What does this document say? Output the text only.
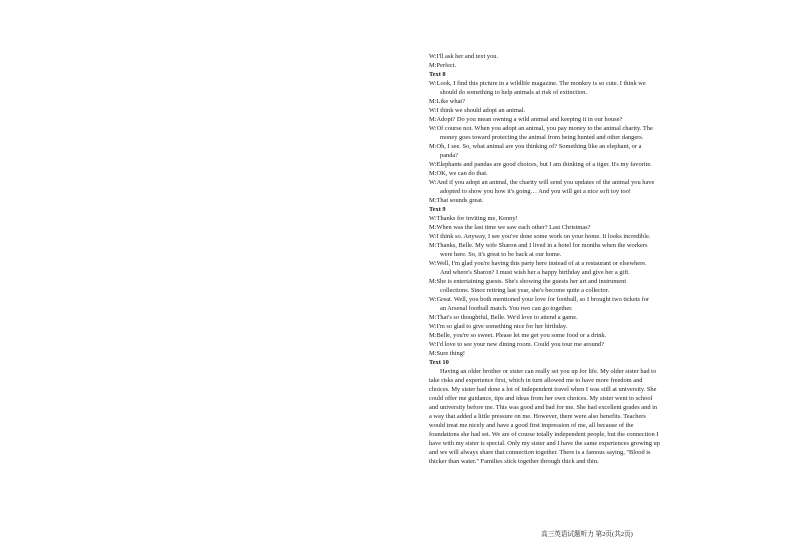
W:I'll ask her and text you.
M:Perfect.
Text 8
W:Look, I find this picture in a wildlife magazine. The monkey is so cute. I think we
should do something to help animals at risk of extinction.
M:Like what?
W:I think we should adopt an animal.
M:Adopt? Do you mean owning a wild animal and keeping it in our house?
W:Of course not. When you adopt an animal, you pay money to the animal charity. The
money goes toward protecting the animal from being hunted and other dangers.
M:Oh, I see. So, what animal are you thinking of? Something like an elephant, or a
panda?
W:Elephants and pandas are good choices, but I am thinking of a tiger. It's my favorite.
M:OK, we can do that.
W:And if you adopt an animal, the charity will send you updates of the animal you have
adopted to show you how it's going… And you will get a nice soft toy too!
M:That sounds great.
Text 9
W:Thanks for inviting me, Kenny!
M:When was the last time we saw each other? Last Christmas?
W:I think so. Anyway, I see you've done some work on your home. It looks incredible.
M:Thanks, Belle. My wife Sharon and I lived in a hotel for months when the workers
were here. So, it's great to be back at our home.
W:Well, I'm glad you're having this party here instead of at a restaurant or elsewhere.
And where's Sharon? I must wish her a happy birthday and give her a gift.
M:She is entertaining guests. She's showing the guests her art and instrument
collections. Since retiring last year, she's become quite a collector.
W:Great. Well, you both mentioned your love for football, so I brought two tickets for
an Arsenal football match. You two can go together.
M:That's so thoughtful, Belle. We'd love to attend a game.
W:I'm so glad to give something nice for her birthday.
M:Belle, you're so sweet. Please let me get you some food or a drink.
W:I'd love to see your new dining room. Could you tour me around?
M:Sure thing!
Text 10
Having an older brother or sister can really set you up for life. My older sister had to
take risks and experience first, which in turn allowed me to have more freedom and
choices. My sister had done a lot of independent travel when I was still at university. She
could offer me guidance, tips and ideas from her own choices. My sister went to school
and university before me. This was good and bad for me. She had excellent grades and in
a way that added a little pressure on me. However, there were also benefits. Teachers
would treat me nicely and have a good first impression of me, all because of the
foundations she had set. We are of course totally independent people, but the connection I
have with my sister is special. Only my sister and I have the same experiences growing up
and we will always share that connection together. There is a famous saying, "Blood is
thicker than water." Families stick together through thick and thin.
高三英语试题听力 第2页(共2页)
